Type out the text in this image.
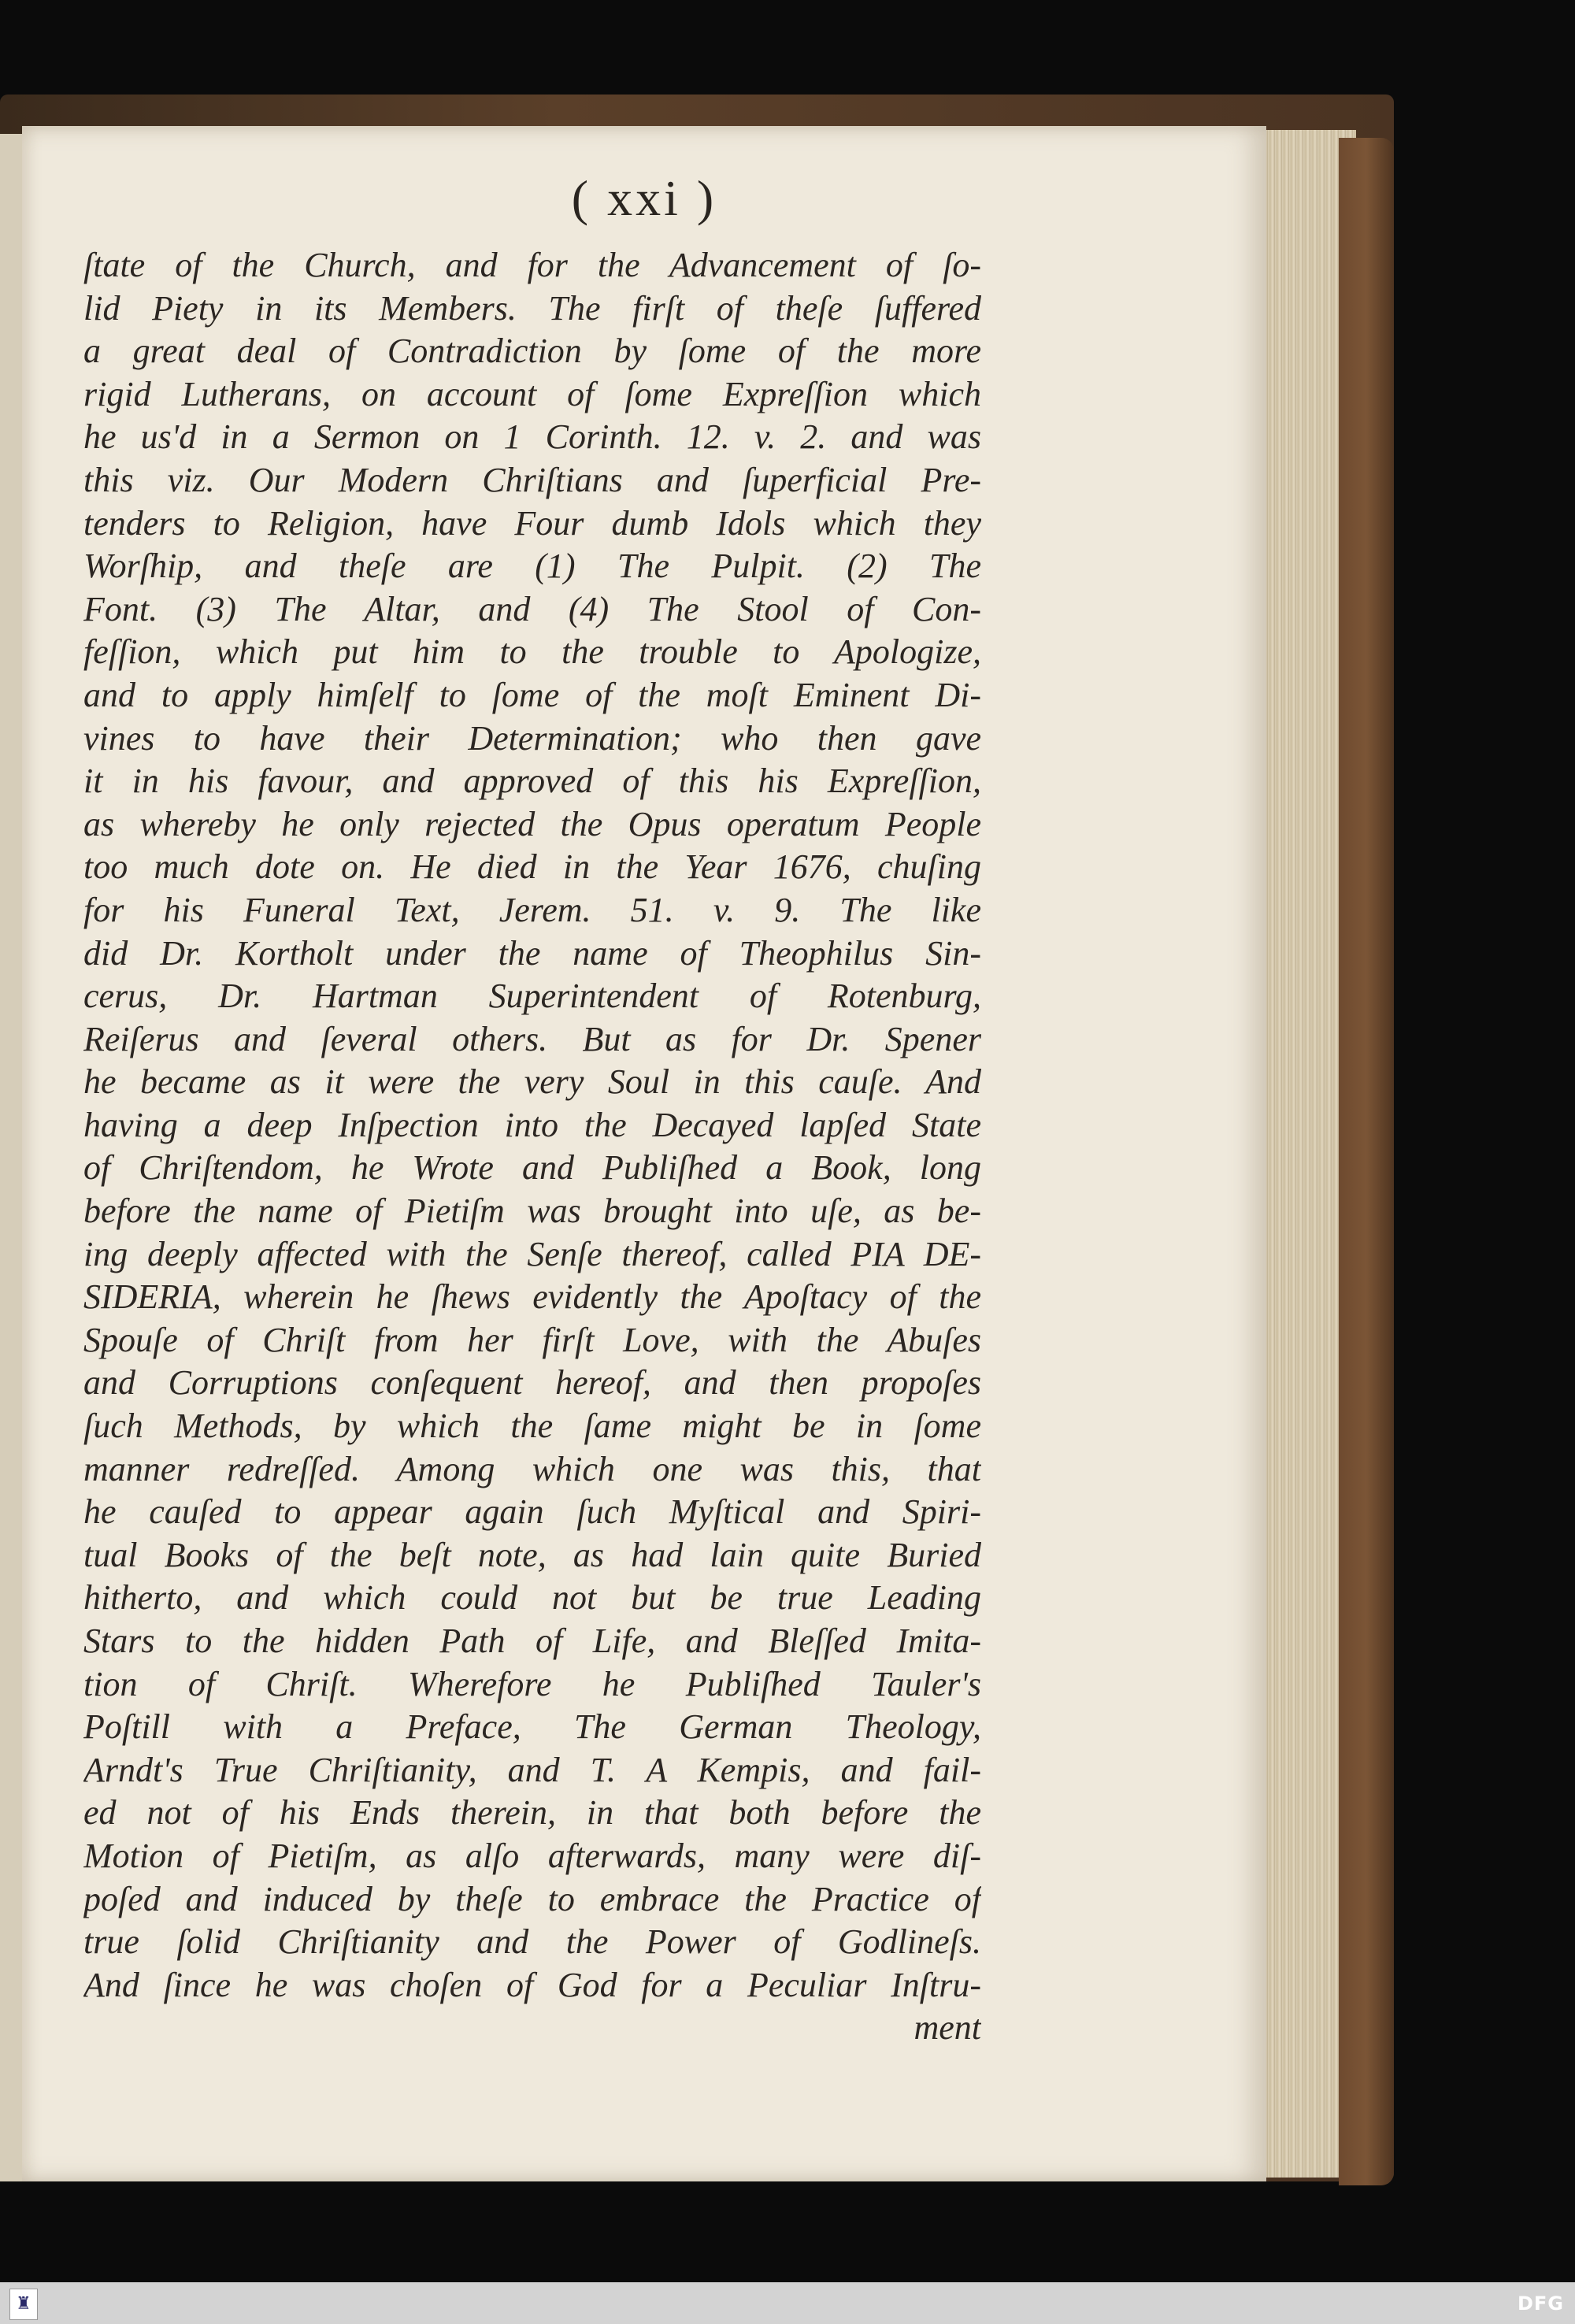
( xxi )
ſtate of the Church, and for the Advancement of ſo-
lid Piety in its Members. The firſt of theſe ſuffered
a great deal of Contradiction by ſome of the more
rigid Lutherans, on account of ſome Expreſſion which
he us'd in a Sermon on 1 Corinth. 12. v. 2. and was
this viz. Our Modern Chriſtians and ſuperficial Pre-
tenders to Religion, have Four dumb Idols which they
Worſhip, and theſe are (1) The Pulpit. (2) The
Font. (3) The Altar, and (4) The Stool of Con-
feſſion, which put him to the trouble to Apologize,
and to apply himſelf to ſome of the moſt Eminent Di-
vines to have their Determination; who then gave
it in his favour, and approved of this his Expreſſion,
as whereby he only rejected the Opus operatum People
too much dote on. He died in the Year 1676, chuſing
for his Funeral Text, Jerem. 51. v. 9. The like
did Dr. Kortholt under the name of Theophilus Sin-
cerus, Dr. Hartman Superintendent of Rotenburg,
Reiſerus and ſeveral others. But as for Dr. Spener
he became as it were the very Soul in this cauſe. And
having a deep Inſpection into the Decayed lapſed State
of Chriſtendom, he Wrote and Publiſhed a Book, long
before the name of Pietiſm was brought into uſe, as be-
ing deeply affected with the Senſe thereof, called PIA DE-
SIDERIA, wherein he ſhews evidently the Apoſtacy of the
Spouſe of Chriſt from her firſt Love, with the Abuſes
and Corruptions conſequent hereof, and then propoſes
ſuch Methods, by which the ſame might be in ſome
manner redreſſed. Among which one was this, that
he cauſed to appear again ſuch Myſtical and Spiri-
tual Books of the beſt note, as had lain quite Buried
hitherto, and which could not but be true Leading
Stars to the hidden Path of Life, and Bleſſed Imita-
tion of Chriſt. Wherefore he Publiſhed Tauler's
Poſtill with a Preface, The German Theology,
Arndt's True Chriſtianity, and T. A Kempis, and fail-
ed not of his Ends therein, in that both before the
Motion of Pietiſm, as alſo afterwards, many were diſ-
poſed and induced by theſe to embrace the Practice of
true ſolid Chriſtianity and the Power of Godlineſs.
And ſince he was choſen of God for a Peculiar Inſtru-
ment
♜	DFG
